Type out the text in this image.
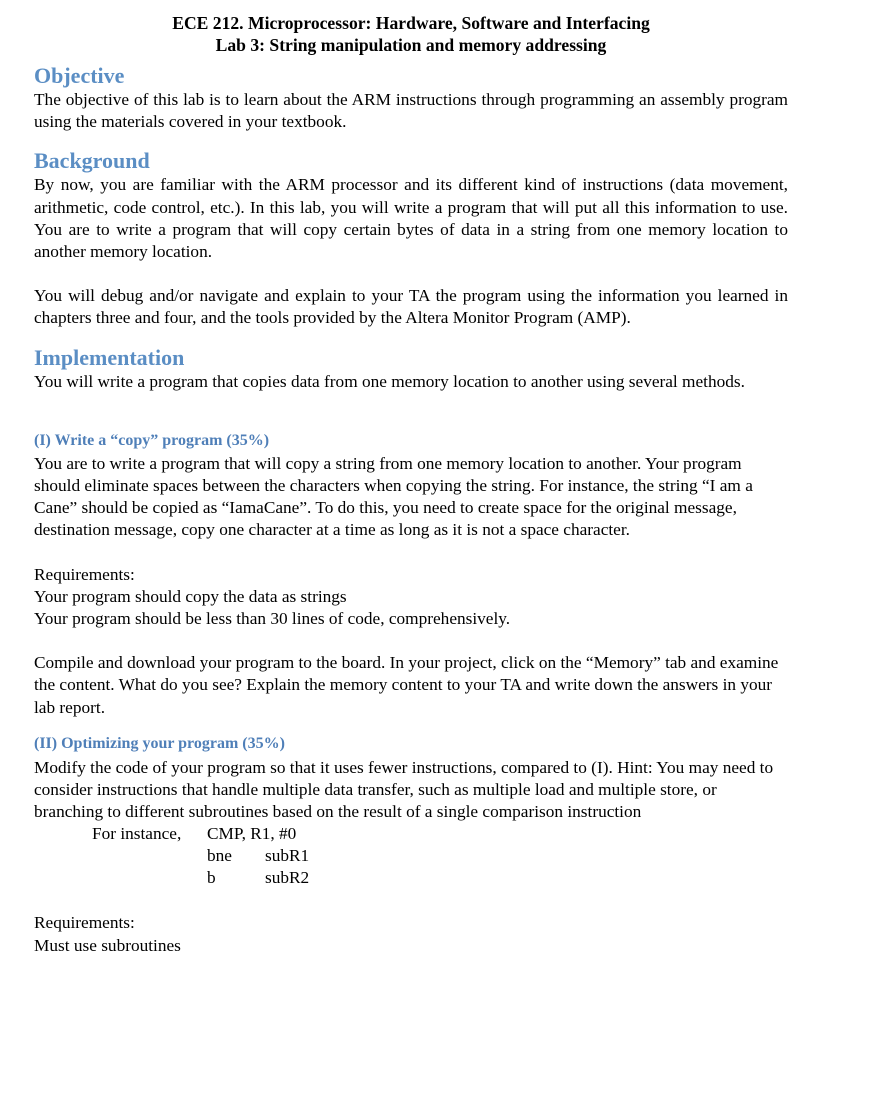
ECE 212. Microprocessor: Hardware, Software and Interfacing

Lab 3: String manipulation and memory addressing

Objective

The objective of this lab is to learn about the ARM instructions through programming an assembly program using the materials covered in your textbook.

Background

By now, you are familiar with the ARM processor and its different kind of instructions (data movement, arithmetic, code control, etc.). In this lab, you will write a program that will put all this information to use. You are to write a program that will copy certain bytes of data in a string from one memory location to another memory location.

You will debug and/or navigate and explain to your TA the program using the information you learned in chapters three and four, and the tools provided by the Altera Monitor Program (AMP).

Implementation

You will write a program that copies data from one memory location to another using several methods.

(I) Write a “copy” program (35%)

You are to write a program that will copy a string from one memory location to another. Your program should eliminate spaces between the characters when copying the string. For instance, the string “I am a Cane” should be copied as “IamaCane”. To do this, you need to create space for the original message, destination message, copy one character at a time as long as it is not a space character.

Requirements:

Your program should copy the data as strings

Your program should be less than 30 lines of code, comprehensively.

Compile and download your program to the board. In your project, click on the “Memory” tab and examine the content. What do you see? Explain the memory content to your TA and write down the answers in your lab report.

(II) Optimizing your program (35%)

Modify the code of your program so that it uses fewer instructions, compared to (I). Hint: You may need to consider instructions that handle multiple data transfer, such as multiple load and multiple store, or branching to different subroutines based on the result of a single comparison instruction

For instance,	CMP, R1, #0
bne	subR1
b	subR2

Requirements:

Must use subroutines
